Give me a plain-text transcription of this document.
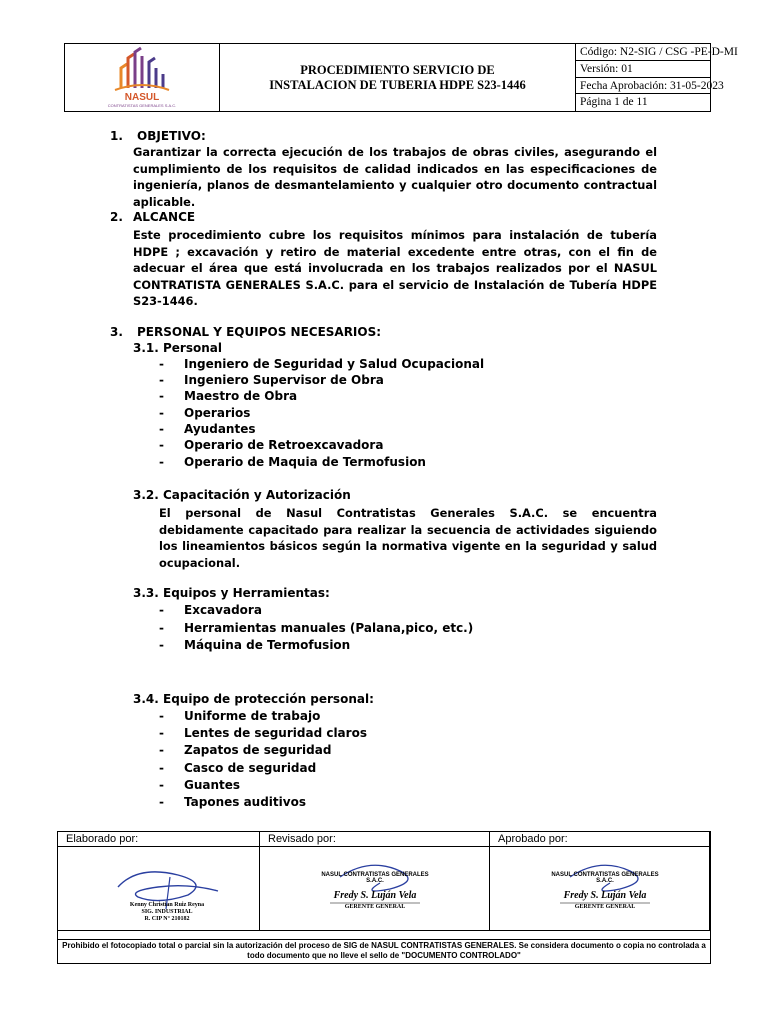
NASUL
CONTRATISTAS GENERALES S.A.C.
PROCEDIMIENTO SERVICIO DE
INSTALACION DE TUBERIA HDPE S23-1446
Código: N2-SIG / CSG -PE-D-MI
Versión: 01
Fecha Aprobación: 31-05-2023
Página 1 de 11
1. OBJETIVO:
Garantizar la correcta ejecución de los trabajos de obras civiles, asegurando el cumplimiento de los requisitos de calidad indicados en las especificaciones de ingeniería, planos de desmantelamiento y cualquier otro documento contractual aplicable.
2. ALCANCE
Este procedimiento cubre los requisitos mínimos para instalación de tubería HDPE ; excavación y retiro de material excedente entre otras, con el fin de adecuar el área que está involucrada en los trabajos realizados por el NASUL CONTRATISTA GENERALES S.A.C. para el servicio de Instalación de Tubería HDPE S23-1446.
3. PERSONAL Y EQUIPOS NECESARIOS:
3.1. Personal
- Ingeniero de Seguridad y Salud Ocupacional
- Ingeniero Supervisor de Obra
- Maestro de Obra
- Operarios
- Ayudantes
- Operario de Retroexcavadora
- Operario de Maquia de Termofusion
3.2. Capacitación y Autorización
El personal de Nasul Contratistas Generales S.A.C. se encuentra debidamente capacitado para realizar la secuencia de actividades siguiendo los lineamientos básicos según la normativa vigente en la seguridad y salud ocupacional.
3.3. Equipos y Herramientas:
- Excavadora
- Herramientas manuales (Palana,pico, etc.)
- Máquina de Termofusion
3.4. Equipo de protección personal:
- Uniforme de trabajo
- Lentes de seguridad claros
- Zapatos de seguridad
- Casco de seguridad
- Guantes
- Tapones auditivos
Elaborado por:
Kenny Christian Ruiz Reyna
SIG. INDUSTRIAL
R. CIP N° 210182
Revisado por:
NASUL CONTRATISTAS GENERALES S.A.C.
Fredy S. Luján Vela
GERENTE GENERAL
Aprobado por:
NASUL CONTRATISTAS GENERALES S.A.C.
Fredy S. Luján Vela
GERENTE GENERAL
Prohibido el fotocopiado total o parcial sin la autorización del proceso de SIG de NASUL CONTRATISTAS GENERALES. Se considera documento o copia no controlada a todo documento que no lleve el sello de "DOCUMENTO CONTROLADO"
